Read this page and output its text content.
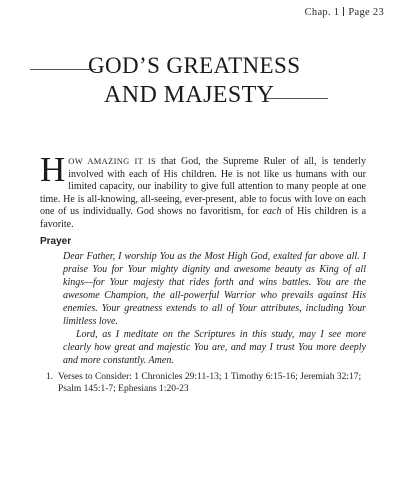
Chap. 1 Page 23
GOD’S GREATNESS
AND MAJESTY

HOW AMAZING IT IS that God, the Supreme Ruler of all, is tenderly involved with each of His children. He is not like us humans with our limited capacity, our inability to give full attention to many people at one time. He is all-knowing, all-seeing, ever-present, able to focus with love on each one of us individually. God shows no favoritism, for each of His children is a favorite.

Prayer

Dear Father, I worship You as the Most High God, exalted far above all. I praise You for Your mighty dignity and awesome beauty as King of all kings—for Your majesty that rides forth and wins battles. You are the awesome Champion, the all-powerful Warrior who prevails against His enemies. Your greatness extends to all of Your attributes, including Your limitless love.

Lord, as I meditate on the Scriptures in this study, may I see more clearly how great and majestic You are, and may I trust You more deeply and more constantly. Amen.

1. Verses to Consider: 1 Chronicles 29:11-13; 1 Timothy 6:15-16; Jeremiah 32:17; Psalm 145:1-7; Ephesians 1:20-23
